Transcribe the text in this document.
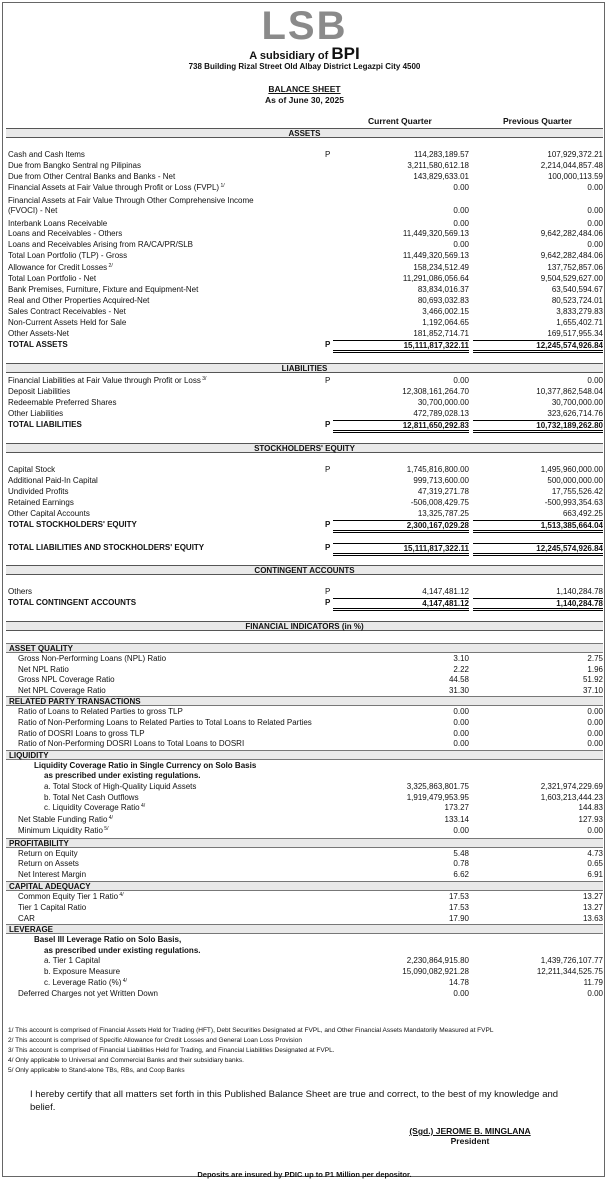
LSB
A subsidiary of BPI
738 Building Rizal Street Old Albay District Legazpi City 4500
BALANCE SHEET
As of June 30, 2025
Current Quarter	Previous Quarter
ASSETS
Cash and Cash Items	P	114,283,189.57	107,929,372.21
Due from Bangko Sentral ng Pilipinas	3,211,580,612.18	2,214,044,857.48
Due from Other Central Banks and Banks - Net	143,829,633.01	100,000,113.59
Financial Assets at Fair Value through Profit or Loss (FVPL) $^{1/}$	0.00	0.00
Financial Assets at Fair Value Through Other Comprehensive Income
(FVOCI) - Net	0.00	0.00
Interbank Loans Receivable	0.00	0.00
Loans and Receivables - Others	11,449,320,569.13	9,642,282,484.06
Loans and Receivables Arising from RA/CA/PR/SLB	0.00	0.00
Total Loan Portfolio (TLP) - Gross	11,449,320,569.13	9,642,282,484.06
Allowance for Credit Losses $^{2/}$	158,234,512.49	137,752,857.06
Total Loan Portfolio - Net	11,291,086,056.64	9,504,529,627.00
Bank Premises, Furniture, Fixture and Equipment-Net	83,834,016.37	63,540,594.67
Real and Other Properties Acquired-Net	80,693,032.83	80,523,724.01
Sales Contract Receivables - Net	3,466,002.15	3,833,279.83
Non-Current Assets Held for Sale	1,192,064.65	1,655,402.71
Other Assets-Net	181,852,714.71	169,517,955.34
TOTAL ASSETS	P	15,111,817,322.11	12,245,574,926.84
LIABILITIES
Financial Liabilities at Fair Value through Profit or Loss $^{3/}$	P	0.00	0.00
Deposit Liabilities	12,308,161,264.70	10,377,862,548.04
Redeemable Preferred Shares	30,700,000.00	30,700,000.00
Other Liabilities	472,789,028.13	323,626,714.76
TOTAL LIABILITIES	P	12,811,650,292.83	10,732,189,262.80
STOCKHOLDERS' EQUITY
Capital Stock	P	1,745,816,800.00	1,495,960,000.00
Additional Paid-In Capital	999,713,600.00	500,000,000.00
Undivided Profits	47,319,271.78	17,755,526.42
Retained Earnings	-506,008,429.75	-500,993,354.63
Other Capital Accounts	13,325,787.25	663,492.25
TOTAL STOCKHOLDERS' EQUITY	P	2,300,167,029.28	1,513,385,664.04
TOTAL LIABILITIES AND STOCKHOLDERS' EQUITY	P	15,111,817,322.11	12,245,574,926.84
CONTINGENT ACCOUNTS
Others	P	4,147,481.12	1,140,284.78
TOTAL CONTINGENT ACCOUNTS	P	4,147,481.12	1,140,284.78
FINANCIAL INDICATORS (in %)
ASSET QUALITY
Gross Non-Performing Loans (NPL) Ratio	3.10	2.75
Net NPL Ratio	2.22	1.96
Gross NPL Coverage Ratio	44.58	51.92
Net NPL Coverage Ratio	31.30	37.10
RELATED PARTY TRANSACTIONS
Ratio of Loans to Related Parties to gross TLP	0.00	0.00
Ratio of Non-Performing Loans to Related Parties to Total Loans to Related Parties	0.00	0.00
Ratio of DOSRI Loans to gross TLP	0.00	0.00
Ratio of Non-Performing DOSRI Loans to Total Loans to DOSRI	0.00	0.00
LIQUIDITY
Liquidity Coverage Ratio in Single Currency on Solo Basis
as prescribed under existing regulations.
a. Total Stock of High-Quality Liquid Assets	3,325,863,801.75	2,321,974,229.69
b. Total Net Cash Outflows	1,919,479,953.95	1,603,213,444.23
c. Liquidity Coverage Ratio $^{4/}$	173.27	144.83
Net Stable Funding Ratio $^{4/}$	133.14	127.93
Minimum Liquidity Ratio $^{5/}$	0.00	0.00
PROFITABILITY
Return on Equity	5.48	4.73
Return on Assets	0.78	0.65
Net Interest Margin	6.62	6.91
CAPITAL ADEQUACY
Common Equity Tier 1 Ratio $^{4/}$	17.53	13.27
Tier 1 Capital Ratio	17.53	13.27
CAR	17.90	13.63
LEVERAGE
Basel III Leverage Ratio on Solo Basis,
as prescribed under existing regulations.
a. Tier 1 Capital	2,230,864,915.80	1,439,726,107.77
b. Exposure Measure	15,090,082,921.28	12,211,344,525.75
c. Leverage Ratio (%) $^{4/}$	14.78	11.79
Deferred Charges not yet Written Down	0.00	0.00
1/ This account is comprised of Financial Assets Held for Trading (HFT), Debt Securities Designated at FVPL, and Other Financial Assets Mandatorily Measured at FVPL
2/ This account is comprised of Specific Allowance for Credit Losses and General Loan Loss Provision
3/ This account is comprised of Financial Liabilities Held for Trading, and Financial Liabilities Designated at FVPL.
4/ Only applicable to Universal and Commercial Banks and their subsidiary banks.
5/ Only applicable to Stand-alone TBs, RBs, and Coop Banks
I hereby certify that all matters set forth in this Published Balance Sheet are true and correct, to the best of my knowledge and belief.
(Sgd.) JEROME B. MINGLANA
President
Deposits are insured by PDIC up to P1 Million per depositor.
